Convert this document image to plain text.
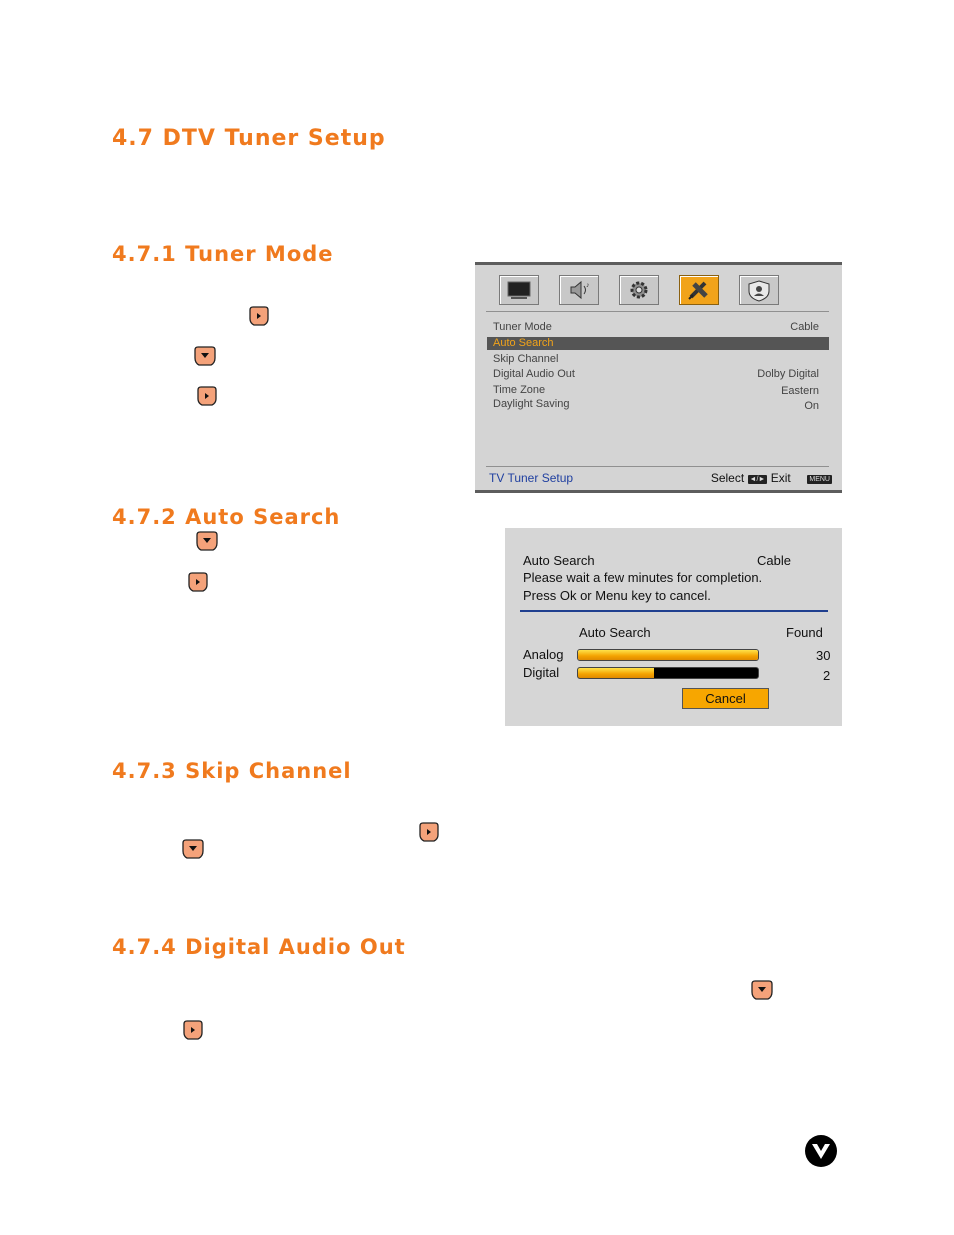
4.7 DTV Tuner Setup
4.7.1 Tuner Mode
4.7.2 Auto Search
4.7.3 Skip Channel
4.7.4 Digital Audio Out
♪
Tuner Mode	Cable
Auto Search
Skip Channel
Digital Audio Out	Dolby Digital
Time Zone	Eastern
Daylight Saving	On
TV Tuner Setup	Select ◄/► Exit	MENU
Auto Search	Cable
Please wait a few minutes for completion.
Press Ok or Menu key to cancel.
Auto Search	Found
Analog	30
Digital	2
Cancel
